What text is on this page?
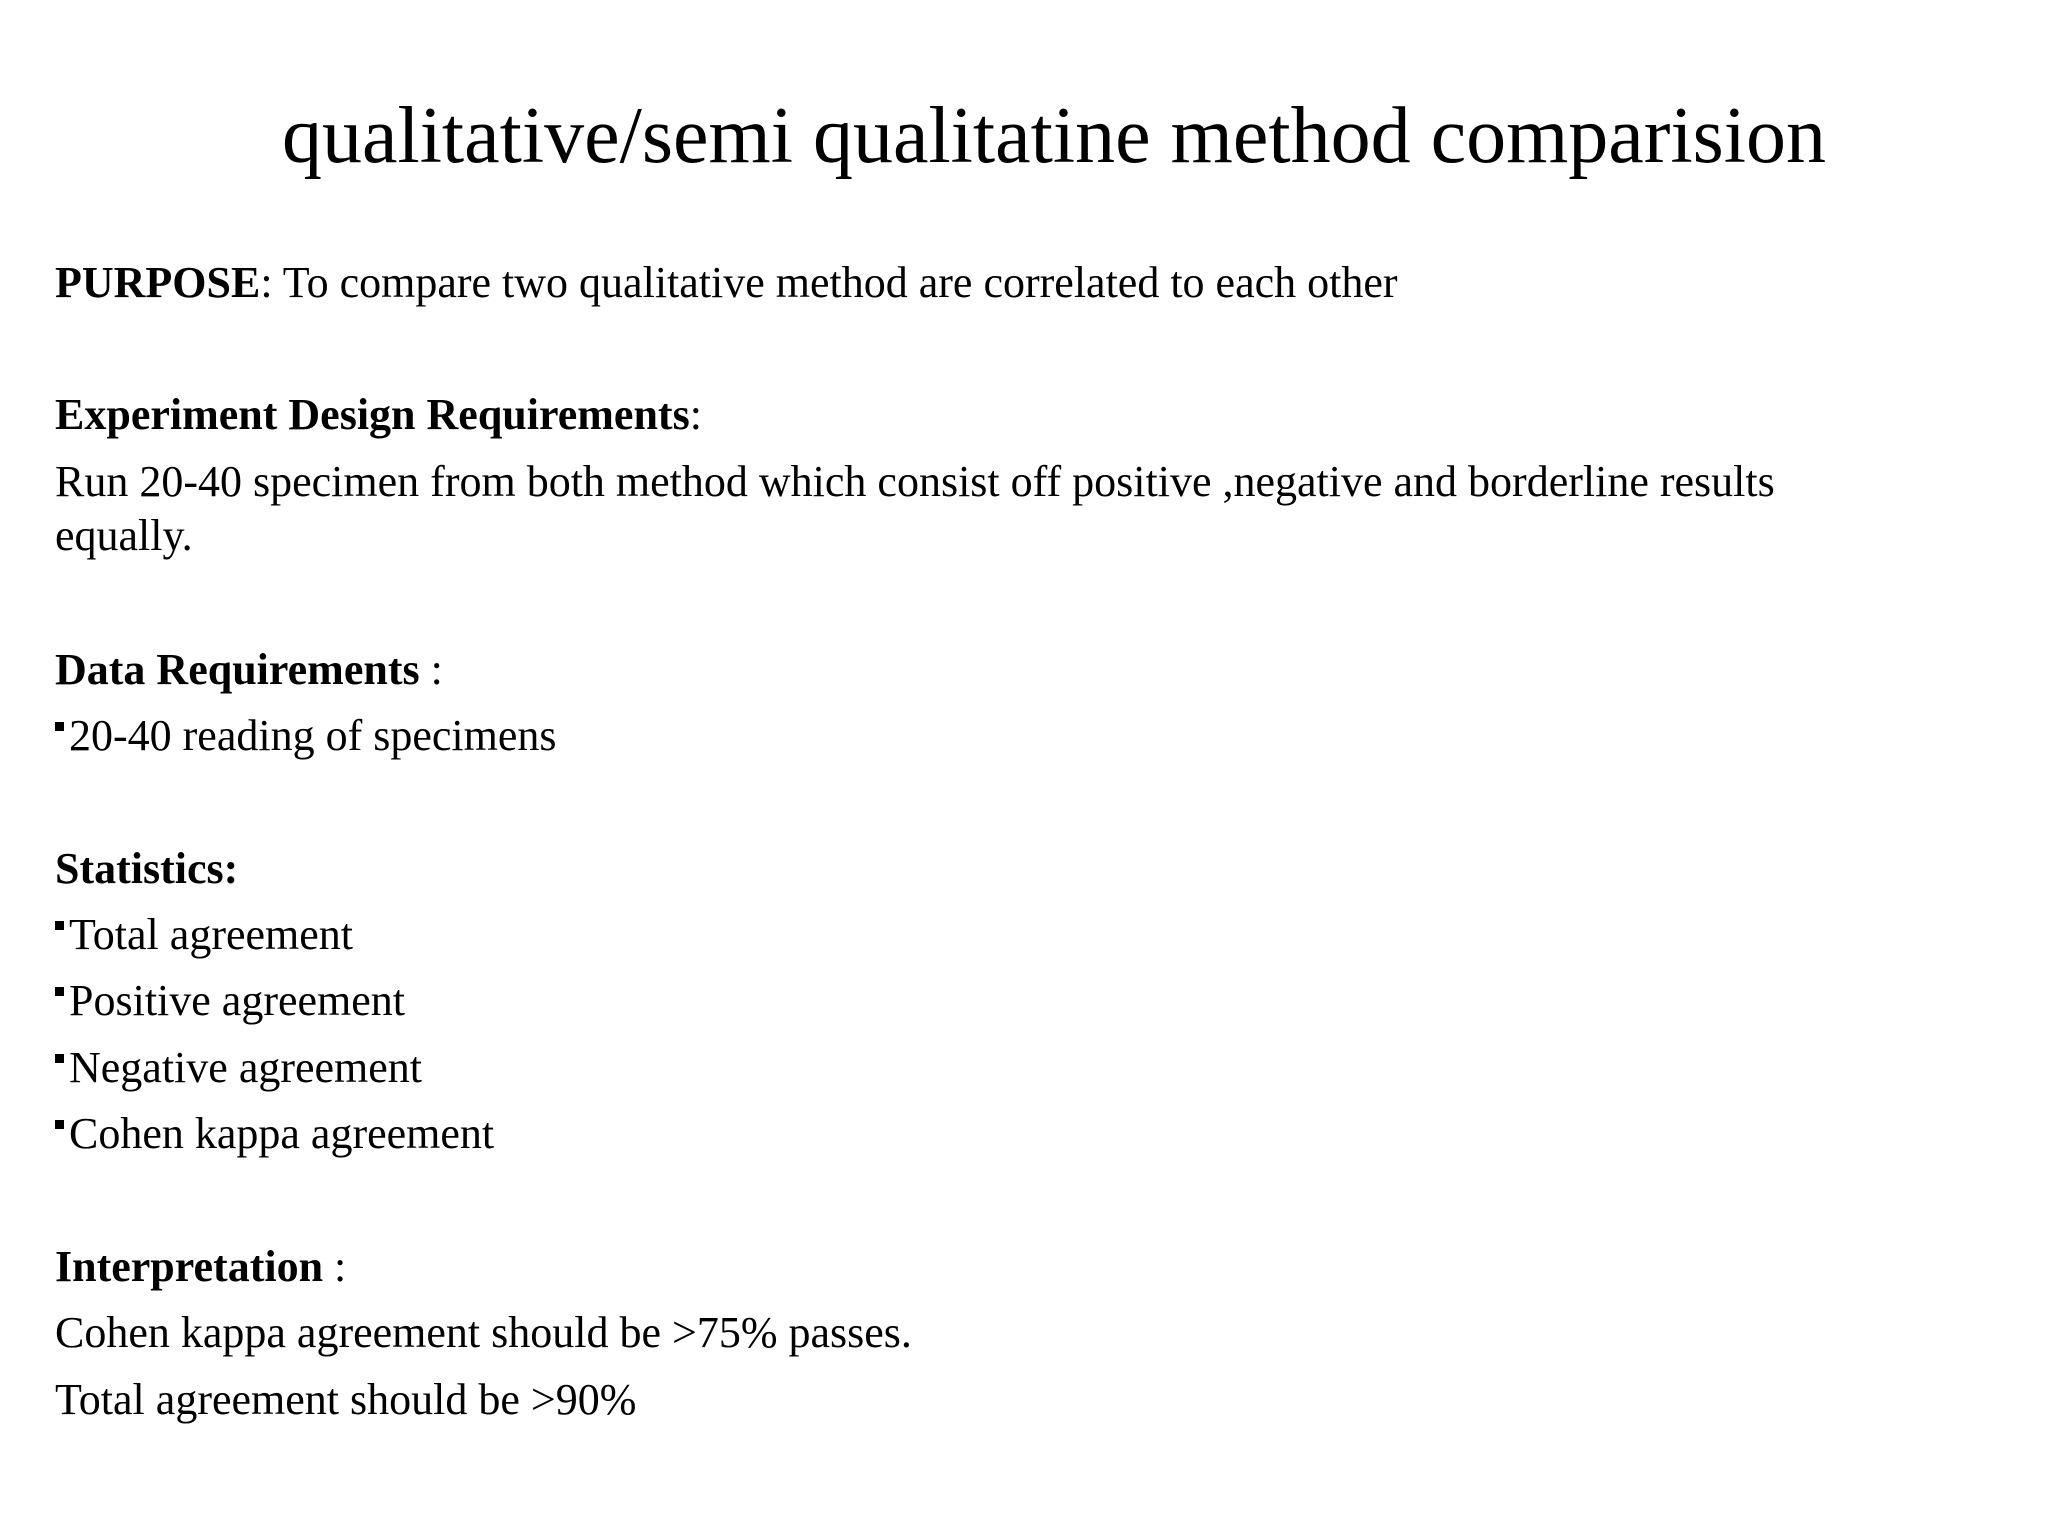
qualitative/semi qualitatine method comparision

PURPOSE: To compare two qualitative method are correlated to each other

Experiment Design Requirements:

Run 20-40 specimen from both method which consist off positive ,negative and borderline results equally.

Data Requirements :

20-40 reading of specimens

Statistics:

Total agreement

Positive agreement

Negative agreement

Cohen kappa agreement

Interpretation :

Cohen kappa agreement should be >75% passes.

Total agreement should be >90%
